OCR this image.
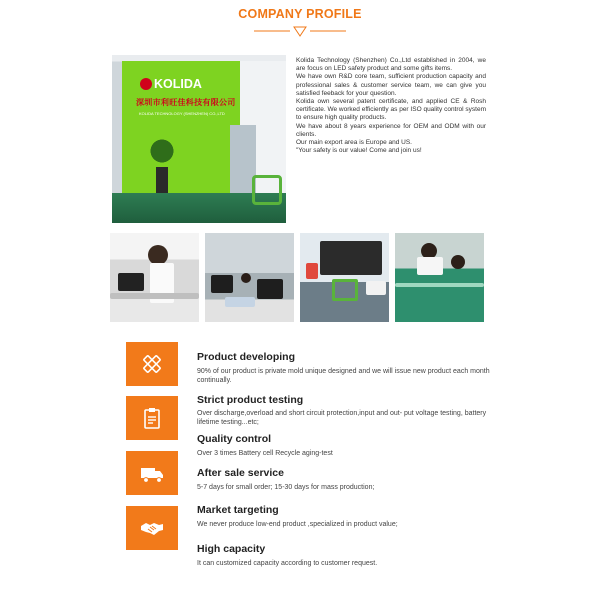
COMPANY PROFILE
KOLIDA
深圳市利旺佳科技有限公司
KOLIDA TECHNOLOGY (SHENZHEN) CO.,LTD

Kolida Technology (Shenzhen) Co.,Ltd established in 2004, we are focus on LED safety product and some gifts items.

We have own R&D core team, sufficient production capacity and professional sales & customer service team, we can give you satisfied feeback for your question.

Kolida own several patent certificate, and applied CE & Rosh certificate. We worked efficiently as per ISO quality control system to ensure high quality products.

We have about 8 years experience for OEM and ODM with our clients.

Our main export area is Europe and US.

"Your safety is our value! Come and join us!

Product developing
90% of our product is private mold unique designed and we will issue new product each month continually.
Strict product testing
Over discharge,overload and short circuit protection,input and out- put voltage testing, battery lifetime testing...etc;
Quality control
Over 3 times Battery cell Recycle aging-test
After sale service
5-7 days for small order; 15-30 days for mass production;
Market targeting
We never produce low-end product ,specialized in product value;
High capacity
It can customized capacity according to customer request.
